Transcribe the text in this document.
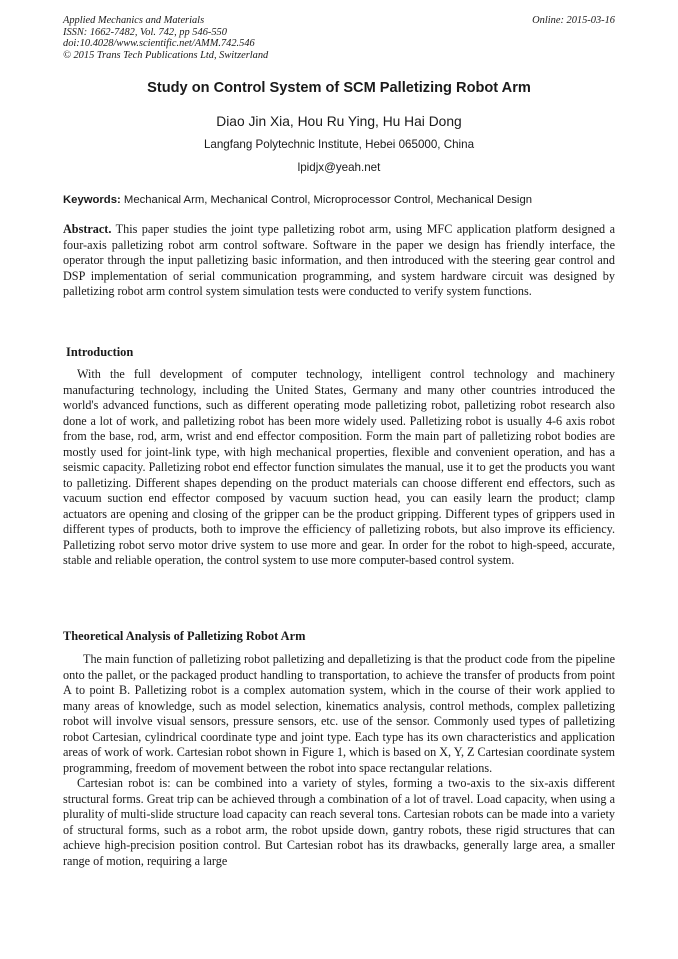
Applied Mechanics and Materials
ISSN: 1662-7482, Vol. 742, pp 546-550
doi:10.4028/www.scientific.net/AMM.742.546
© 2015 Trans Tech Publications Ltd, Switzerland
Online: 2015-03-16
Study on Control System of SCM Palletizing Robot Arm
Diao Jin Xia, Hou Ru Ying, Hu Hai Dong
Langfang Polytechnic Institute, Hebei 065000, China
lpidjx@yeah.net
Keywords: Mechanical Arm, Mechanical Control, Microprocessor Control, Mechanical Design
Abstract. This paper studies the joint type palletizing robot arm, using MFC application platform designed a four-axis palletizing robot arm control software. Software in the paper we design has friendly interface, the operator through the input palletizing basic information, and then introduced with the steering gear control and DSP implementation of serial communication programming, and system hardware circuit was designed by palletizing robot arm control system simulation tests were conducted to verify system functions.
Introduction
With the full development of computer technology, intelligent control technology and machinery manufacturing technology, including the United States, Germany and many other countries introduced the world's advanced functions, such as different operating mode palletizing robot, palletizing robot research also done a lot of work, and palletizing robot has been more widely used. Palletizing robot is usually 4-6 axis robot from the base, rod, arm, wrist and end effector composition. Form the main part of palletizing robot bodies are mostly used for joint-link type, with high mechanical properties, flexible and convenient operation, and has a seismic capacity. Palletizing robot end effector function simulates the manual, use it to get the products you want to palletizing. Different shapes depending on the product materials can choose different end effectors, such as vacuum suction end effector composed by vacuum suction head, you can easily learn the product; clamp actuators are opening and closing of the gripper can be the product gripping. Different types of grippers used in different types of products, both to improve the efficiency of palletizing robots, but also improve its efficiency. Palletizing robot servo motor drive system to use more and gear. In order for the robot to high-speed, accurate, stable and reliable operation, the control system to use more computer-based control system.
Theoretical Analysis of Palletizing Robot Arm

The main function of palletizing robot palletizing and depalletizing is that the product code from the pipeline onto the pallet, or the packaged product handling to transportation, to achieve the transfer of products from point A to point B. Palletizing robot is a complex automation system, which in the course of their work applied to many areas of knowledge, such as model selection, kinematics analysis, control methods, complex palletizing robot will involve visual sensors, pressure sensors, etc. use of the sensor. Commonly used types of palletizing robot Cartesian, cylindrical coordinate type and joint type. Each type has its own characteristics and application areas of work of work. Cartesian robot shown in Figure 1, which is based on X, Y, Z Cartesian coordinate system programming, freedom of movement between the robot into space rectangular relations.

Cartesian robot is: can be combined into a variety of styles, forming a two-axis to the six-axis different structural forms. Great trip can be achieved through a combination of a lot of travel. Load capacity, when using a plurality of multi-slide structure load capacity can reach several tons. Cartesian robots can be made into a variety of structural forms, such as a robot arm, the robot upside down, gantry robots, these rigid structures that can achieve high-precision position control. But Cartesian robot has its drawbacks, generally large area, a smaller range of motion, requiring a large
